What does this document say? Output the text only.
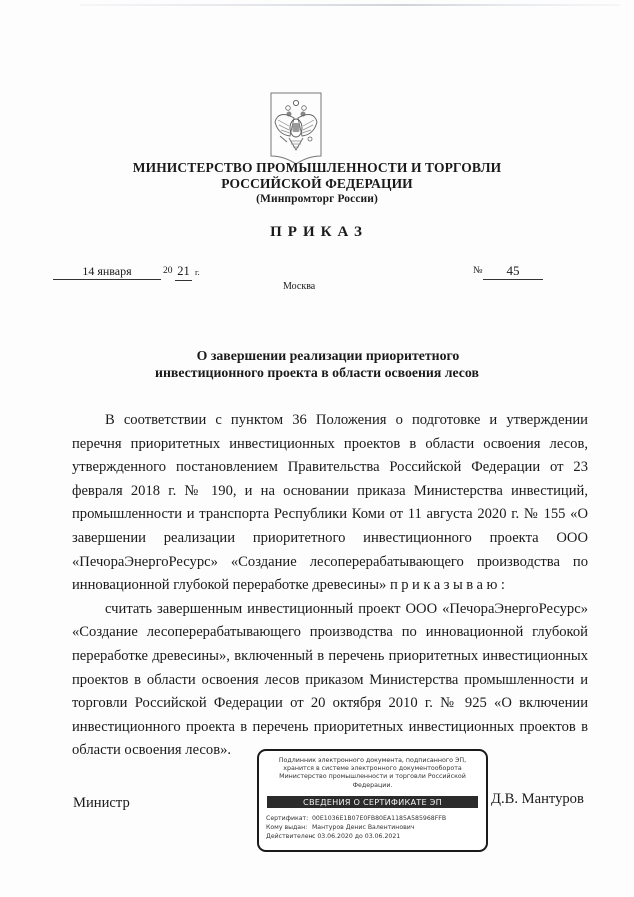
МИНИСТЕРСТВО ПРОМЫШЛЕННОСТИ И ТОРГОВЛИ
РОССИЙСКОЙ ФЕДЕРАЦИИ
(Минпромторг России)
ПРИКАЗ
14 января	20 21 г.
Москва
№	45
О завершении реализации приоритетного
инвестиционного проекта в области освоения лесов

В соответствии с пунктом 36 Положения о подготовке и утверждении перечня приоритетных инвестиционных проектов в области освоения лесов, утвержденного постановлением Правительства Российской Федерации от 23 февраля 2018 г. № 190, и на основании приказа Министерства инвестиций, промышленности и транспорта Республики Коми от 11 августа 2020 г. № 155 «О завершении реализации приоритетного инвестиционного проекта ООО «ПечораЭнергоРесурс» «Создание лесоперерабатывающего производства по инновационной глубокой переработке древесины» приказываю:

считать завершенным инвестиционный проект ООО «ПечораЭнергоРесурс» «Создание лесоперерабатывающего производства по инновационной глубокой переработке древесины», включенный в перечень приоритетных инвестиционных проектов в области освоения лесов приказом Министерства промышленности и торговли Российской Федерации от 20 октября 2010 г. № 925 «О включении инвестиционного проекта в перечень приоритетных инвестиционных проектов в области освоения лесов».

Министр	Д.В. Мантуров
Подлинник электронного документа, подписанного ЭП, хранится в системе электронного документооборота Министерство промышленности и торговли Российской Федерации.
СВЕДЕНИЯ О СЕРТИФИКАТЕ ЭП
Сертификат: 00E1036E1B07E0FB80EA1185A585968FFB
Кому выдан: Мантуров Денис Валентинович
Действителен: с 03.06.2020 до 03.06.2021
